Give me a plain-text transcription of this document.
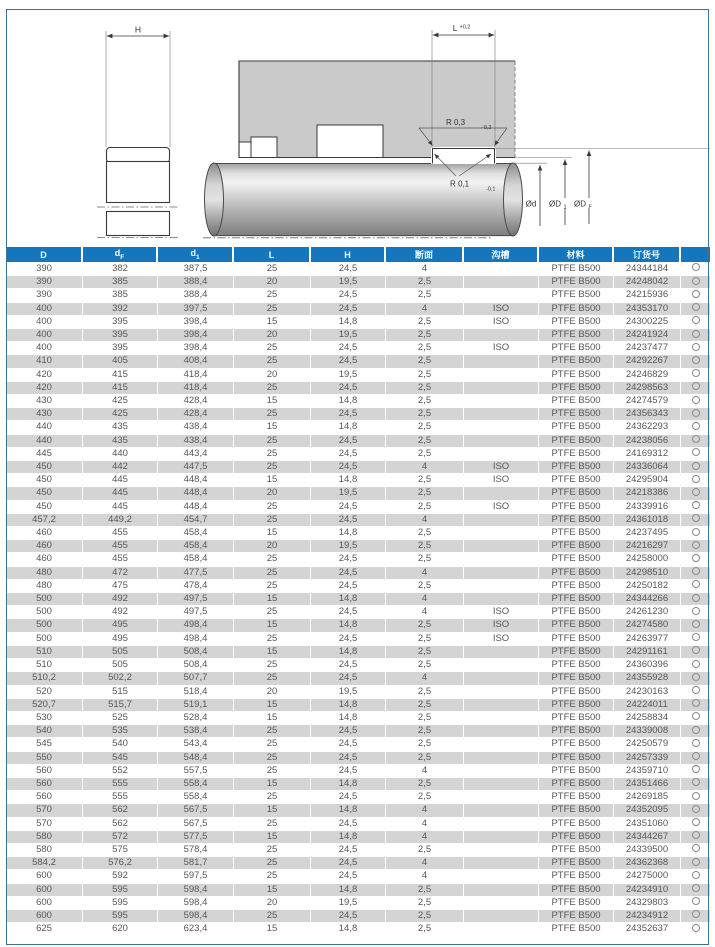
H	L +0,2
R 0,3
-0,2
R 0,1
-0,1
Ød ØD 1 ØD F
D	$d_F$	$d_1$	L	H	断面	沟槽	材料	订货号	
390	382	387,5	25	24,5	4		PTFE B500	24344184	
390	385	388,4	20	19,5	2,5		PTFE B500	24248042	
390	385	388,4	25	24,5	2,5		PTFE B500	24215936	
400	392	397,5	25	24,5	4	ISO	PTFE B500	24353170	
400	395	398,4	15	14,8	2,5	ISO	PTFE B500	24300225	
400	395	398,4	20	19,5	2,5		PTFE B500	24241924	
400	395	398,4	25	24,5	2,5	ISO	PTFE B500	24237477	
410	405	408,4	25	24,5	2,5		PTFE B500	24292267	
420	415	418,4	20	19,5	2,5		PTFE B500	24246829	
420	415	418,4	25	24,5	2,5		PTFE B500	24298563	
430	425	428,4	15	14,8	2,5		PTFE B500	24274579	
430	425	428,4	25	24,5	2,5		PTFE B500	24356343	
440	435	438,4	15	14,8	2,5		PTFE B500	24362293	
440	435	438,4	25	24,5	2,5		PTFE B500	24238056	
445	440	443,4	25	24,5	2,5		PTFE B500	24169312	
450	442	447,5	25	24,5	4	ISO	PTFE B500	24336064	
450	445	448,4	15	14,8	2,5	ISO	PTFE B500	24295904	
450	445	448,4	20	19,5	2,5		PTFE B500	24218386	
450	445	448,4	25	24,5	2,5	ISO	PTFE B500	24339916	
457,2	449,2	454,7	25	24,5	4		PTFE B500	24361018	
460	455	458,4	15	14,8	2,5		PTFE B500	24237495	
460	455	458,4	20	19,5	2,5		PTFE B500	24216297	
460	455	458,4	25	24,5	2,5		PTFE B500	24258000	
480	472	477,5	25	24,5	4		PTFE B500	24298510	
480	475	478,4	25	24,5	2,5		PTFE B500	24250182	
500	492	497,5	15	14,8	4		PTFE B500	24344266	
500	492	497,5	25	24,5	4	ISO	PTFE B500	24261230	
500	495	498,4	15	14,8	2,5	ISO	PTFE B500	24274580	
500	495	498,4	25	24,5	2,5	ISO	PTFE B500	24263977	
510	505	508,4	15	14,8	2,5		PTFE B500	24291161	
510	505	508,4	25	24,5	2,5		PTFE B500	24360396	
510,2	502,2	507,7	25	24,5	4		PTFE B500	24355928	
520	515	518,4	20	19,5	2,5		PTFE B500	24230163	
520,7	515,7	519,1	15	14,8	2,5		PTFE B500	24224011	
530	525	528,4	15	14,8	2,5		PTFE B500	24258834	
540	535	538,4	25	24,5	2,5		PTFE B500	24339008	
545	540	543,4	25	24,5	2,5		PTFE B500	24250579	
550	545	548,4	25	24,5	2,5		PTFE B500	24257339	
560	552	557,5	25	24,5	4		PTFE B500	24359710	
560	555	558,4	15	14,8	2,5		PTFE B500	24351466	
560	555	558,4	25	24,5	2,5		PTFE B500	24269185	
570	562	567,5	15	14,8	4		PTFE B500	24352095	
570	562	567,5	25	24,5	4		PTFE B500	24351060	
580	572	577,5	15	14,8	4		PTFE B500	24344267	
580	575	578,4	25	24,5	2,5		PTFE B500	24339500	
584,2	576,2	581,7	25	24,5	4		PTFE B500	24362368	
600	592	597,5	25	24,5	4		PTFE B500	24275000	
600	595	598,4	15	14,8	2,5		PTFE B500	24234910	
600	595	598,4	20	19,5	2,5		PTFE B500	24329803	
600	595	598,4	25	24,5	2,5		PTFE B500	24234912	
625	620	623,4	15	14,8	2,5		PTFE B500	24352637	
